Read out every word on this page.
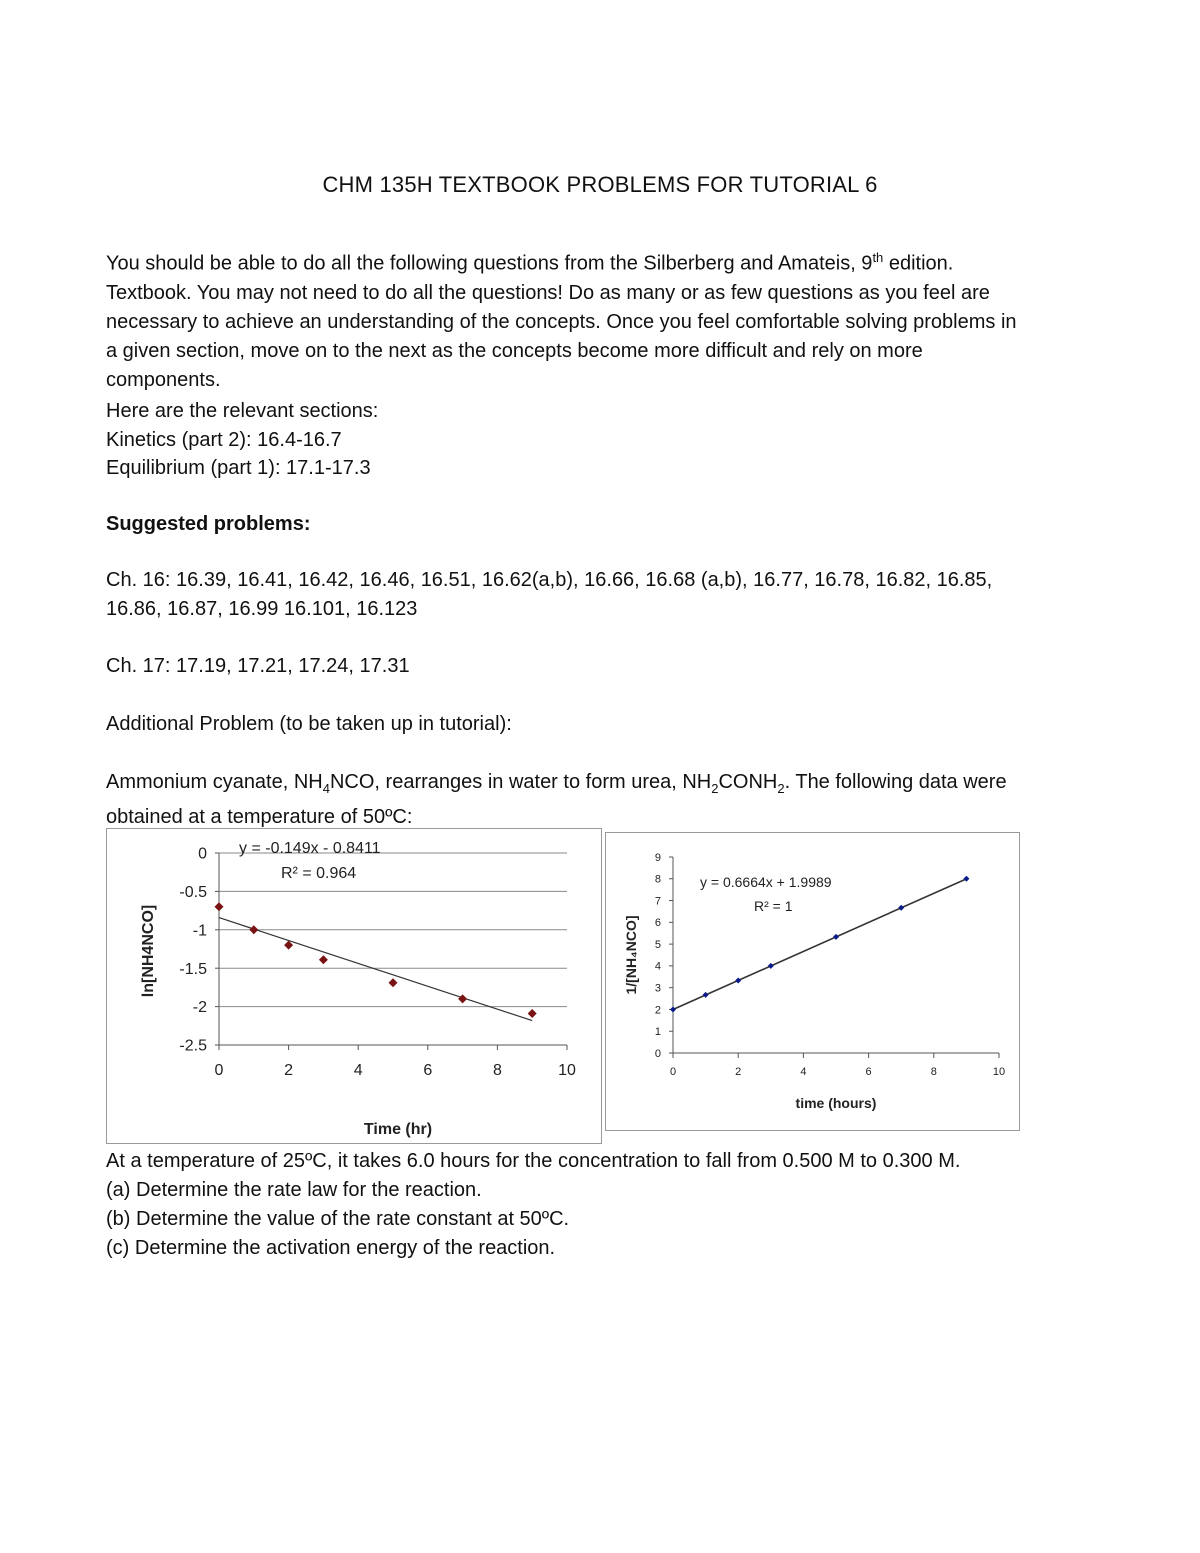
CHM 135H TEXTBOOK PROBLEMS FOR TUTORIAL 6
You should be able to do all the following questions from the Silberberg and Amateis, 9th edition.
Textbook. You may not need to do all the questions! Do as many or as few questions as you feel are
necessary to achieve an understanding of the concepts. Once you feel comfortable solving problems in
a given section, move on to the next as the concepts become more difficult and rely on more
components.
Here are the relevant sections:
Kinetics (part 2): 16.4-16.7
Equilibrium (part 1): 17.1-17.3
Suggested problems:
Ch. 16: 16.39, 16.41, 16.42, 16.46, 16.51, 16.62(a,b), 16.66, 16.68 (a,b), 16.77, 16.78, 16.82, 16.85,
16.86, 16.87, 16.99 16.101, 16.123
Ch. 17: 17.19, 17.21, 17.24, 17.31
Additional Problem (to be taken up in tutorial):
Ammonium cyanate, $NH_4NCO$, rearranges in water to form urea, $NH_2CONH_2$. The following data were
obtained at a temperature of 50ºC:
0
-0.5
-1
-1.5
-2
-2.5
0	2	4	6	8	10
y = -0.149x - 0.8411
R² = 0.964
Time (hr)
ln[NH4NCO]
0
1
2
3
4
5
6
7
8
9
0	2	4	6	8	10
y = 0.6664x + 1.9989
R² = 1
time (hours)
1/[NH₄NCO]
At a temperature of 25ºC, it takes 6.0 hours for the concentration to fall from 0.500 M to 0.300 M.
(a) Determine the rate law for the reaction.
(b) Determine the value of the rate constant at 50ºC.
(c) Determine the activation energy of the reaction.
